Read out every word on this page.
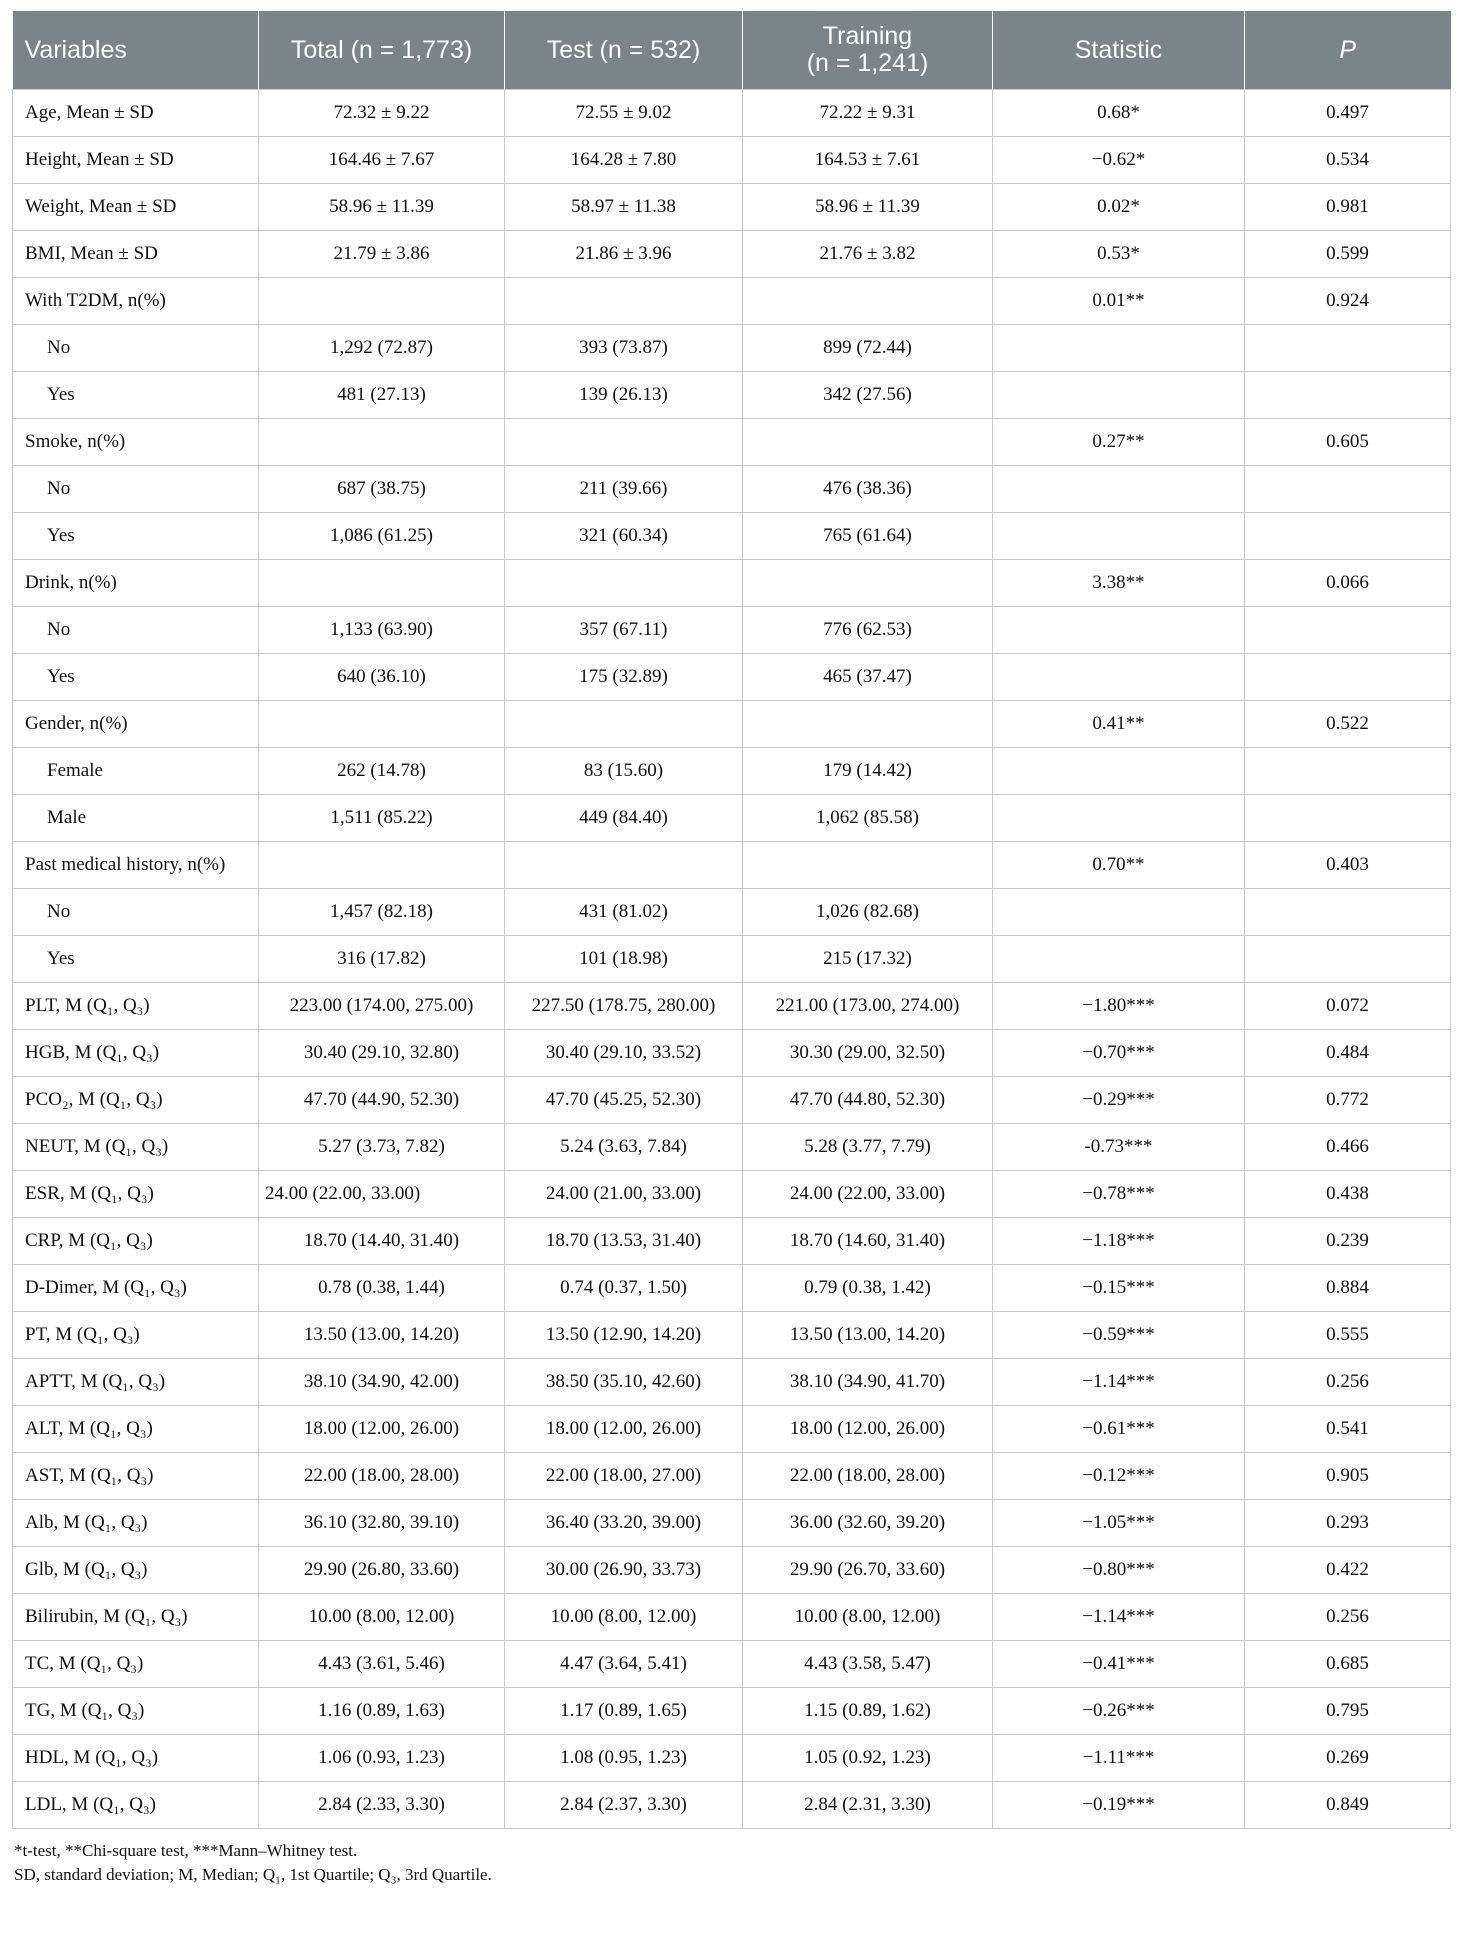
Variables	Total (n = 1,773)	Test (n = 532)	Training
(n = 1,241)	Statistic	P
Age, Mean ± SD	72.32 ± 9.22	72.55 ± 9.02	72.22 ± 9.31	0.68*	0.497
Height, Mean ± SD	164.46 ± 7.67	164.28 ± 7.80	164.53 ± 7.61	−0.62*	0.534
Weight, Mean ± SD	58.96 ± 11.39	58.97 ± 11.38	58.96 ± 11.39	0.02*	0.981
BMI, Mean ± SD	21.79 ± 3.86	21.86 ± 3.96	21.76 ± 3.82	0.53*	0.599
With T2DM, n(%)				0.01**	0.924
No	1,292 (72.87)	393 (73.87)	899 (72.44)		
Yes	481 (27.13)	139 (26.13)	342 (27.56)		
Smoke, n(%)				0.27**	0.605
No	687 (38.75)	211 (39.66)	476 (38.36)		
Yes	1,086 (61.25)	321 (60.34)	765 (61.64)		
Drink, n(%)				3.38**	0.066
No	1,133 (63.90)	357 (67.11)	776 (62.53)		
Yes	640 (36.10)	175 (32.89)	465 (37.47)		
Gender, n(%)				0.41**	0.522
Female	262 (14.78)	83 (15.60)	179 (14.42)		
Male	1,511 (85.22)	449 (84.40)	1,062 (85.58)		
Past medical history, n(%)				0.70**	0.403
No	1,457 (82.18)	431 (81.02)	1,026 (82.68)		
Yes	316 (17.82)	101 (18.98)	215 (17.32)		
PLT, M (Q₁, Q₃)	223.00 (174.00, 275.00)	227.50 (178.75, 280.00)	221.00 (173.00, 274.00)	−1.80***	0.072
HGB, M (Q₁, Q₃)	30.40 (29.10, 32.80)	30.40 (29.10, 33.52)	30.30 (29.00, 32.50)	−0.70***	0.484
PCO₂, M (Q₁, Q₃)	47.70 (44.90, 52.30)	47.70 (45.25, 52.30)	47.70 (44.80, 52.30)	−0.29***	0.772
NEUT, M (Q₁, Q₃)	5.27 (3.73, 7.82)	5.24 (3.63, 7.84)	5.28 (3.77, 7.79)	-0.73***	0.466
ESR, M (Q₁, Q₃)	24.00 (22.00, 33.00)	24.00 (21.00, 33.00)	24.00 (22.00, 33.00)	−0.78***	0.438
CRP, M (Q₁, Q₃)	18.70 (14.40, 31.40)	18.70 (13.53, 31.40)	18.70 (14.60, 31.40)	−1.18***	0.239
D-Dimer, M (Q₁, Q₃)	0.78 (0.38, 1.44)	0.74 (0.37, 1.50)	0.79 (0.38, 1.42)	−0.15***	0.884
PT, M (Q₁, Q₃)	13.50 (13.00, 14.20)	13.50 (12.90, 14.20)	13.50 (13.00, 14.20)	−0.59***	0.555
APTT, M (Q₁, Q₃)	38.10 (34.90, 42.00)	38.50 (35.10, 42.60)	38.10 (34.90, 41.70)	−1.14***	0.256
ALT, M (Q₁, Q₃)	18.00 (12.00, 26.00)	18.00 (12.00, 26.00)	18.00 (12.00, 26.00)	−0.61***	0.541
AST, M (Q₁, Q₃)	22.00 (18.00, 28.00)	22.00 (18.00, 27.00)	22.00 (18.00, 28.00)	−0.12***	0.905
Alb, M (Q₁, Q₃)	36.10 (32.80, 39.10)	36.40 (33.20, 39.00)	36.00 (32.60, 39.20)	−1.05***	0.293
Glb, M (Q₁, Q₃)	29.90 (26.80, 33.60)	30.00 (26.90, 33.73)	29.90 (26.70, 33.60)	−0.80***	0.422
Bilirubin, M (Q₁, Q₃)	10.00 (8.00, 12.00)	10.00 (8.00, 12.00)	10.00 (8.00, 12.00)	−1.14***	0.256
TC, M (Q₁, Q₃)	4.43 (3.61, 5.46)	4.47 (3.64, 5.41)	4.43 (3.58, 5.47)	−0.41***	0.685
TG, M (Q₁, Q₃)	1.16 (0.89, 1.63)	1.17 (0.89, 1.65)	1.15 (0.89, 1.62)	−0.26***	0.795
HDL, M (Q₁, Q₃)	1.06 (0.93, 1.23)	1.08 (0.95, 1.23)	1.05 (0.92, 1.23)	−1.11***	0.269
LDL, M (Q₁, Q₃)	2.84 (2.33, 3.30)	2.84 (2.37, 3.30)	2.84 (2.31, 3.30)	−0.19***	0.849
*t-test, **Chi-square test, ***Mann–Whitney test.
SD, standard deviation; M, Median; Q₁, 1st Quartile; Q₃, 3rd Quartile.
